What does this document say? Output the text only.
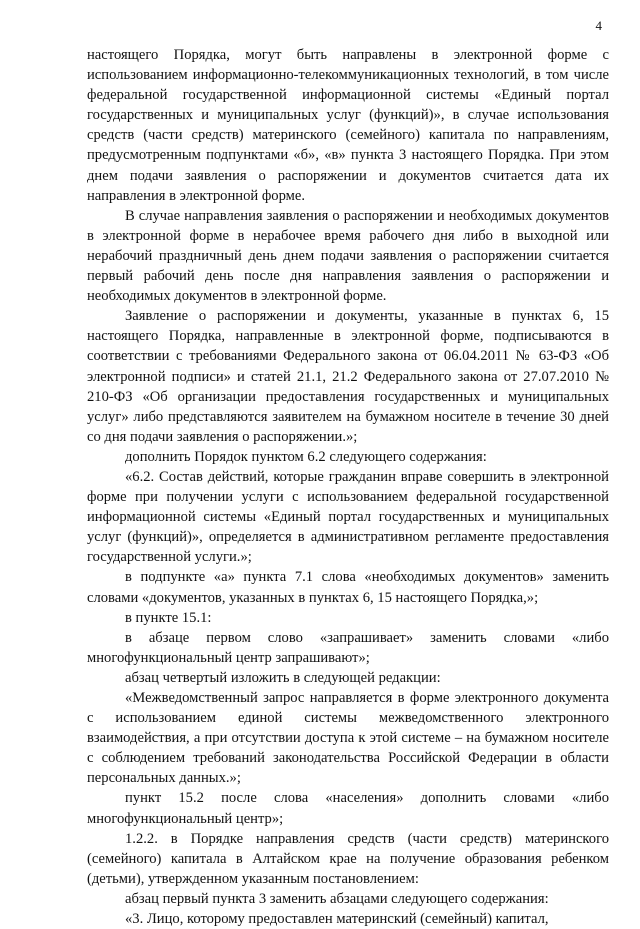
4

настоящего Порядка, могут быть направлены в электронной форме с использованием информационно-телекоммуникационных технологий, в том числе федеральной государственной информационной системы «Единый портал государственных и муниципальных услуг (функций)», в случае использования средств (части средств) материнского (семейного) капитала по направлениям, предусмотренным подпунктами «б», «в» пункта 3 настоящего Порядка. При этом днем подачи заявления о распоряжении и документов считается дата их направления в электронной форме.

В случае направления заявления о распоряжении и необходимых документов в электронной форме в нерабочее время рабочего дня либо в выходной или нерабочий праздничный день днем подачи заявления о распоряжении считается первый рабочий день после дня направления заявления о распоряжении и необходимых документов в электронной форме.

Заявление о распоряжении и документы, указанные в пунктах 6, 15 настоящего Порядка, направленные в электронной форме, подписываются в соответствии с требованиями Федерального закона от 06.04.2011 № 63-ФЗ «Об электронной подписи» и статей 21.1, 21.2 Федерального закона от 27.07.2010 № 210-ФЗ «Об организации предоставления государственных и муниципальных услуг» либо представляются заявителем на бумажном носителе в течение 30 дней со дня подачи заявления о распоряжении.»;

дополнить Порядок пунктом 6.2 следующего содержания:

«6.2. Состав действий, которые гражданин вправе совершить в электронной форме при получении услуги с использованием федеральной государственной информационной системы «Единый портал государственных и муниципальных услуг (функций)», определяется в административном регламенте предоставления государственной услуги.»;

в подпункте «а» пункта 7.1 слова «необходимых документов» заменить словами «документов, указанных в пунктах 6, 15 настоящего Порядка,»;

в пункте 15.1:

в абзаце первом слово «запрашивает» заменить словами «либо многофункциональный центр запрашивают»;

абзац четвертый изложить в следующей редакции:

«Межведомственный запрос направляется в форме электронного документа с использованием единой системы межведомственного электронного взаимодействия, а при отсутствии доступа к этой системе – на бумажном носителе с соблюдением требований законодательства Российской Федерации в области персональных данных.»;

пункт 15.2 после слова «населения» дополнить словами «либо многофункциональный центр»;

1.2.2. в Порядке направления средств (части средств) материнского (семейного) капитала в Алтайском крае на получение образования ребенком (детьми), утвержденном указанным постановлением:

абзац первый пункта 3 заменить абзацами следующего содержания:

«3. Лицо, которому предоставлен материнский (семейный) капитал,
